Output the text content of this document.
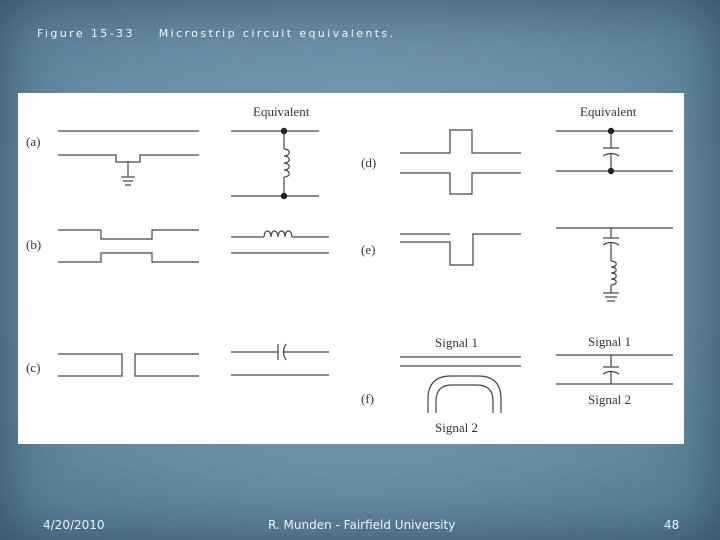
Figure 15-33 Microstrip circuit equivalents.
Equivalent	Equivalent
(a)
(b)
(c)
(d)
(e)
(f)
Signal 1
Signal 2
Signal 1
Signal 2
4/20/2010	R. Munden - Fairfield University	48
